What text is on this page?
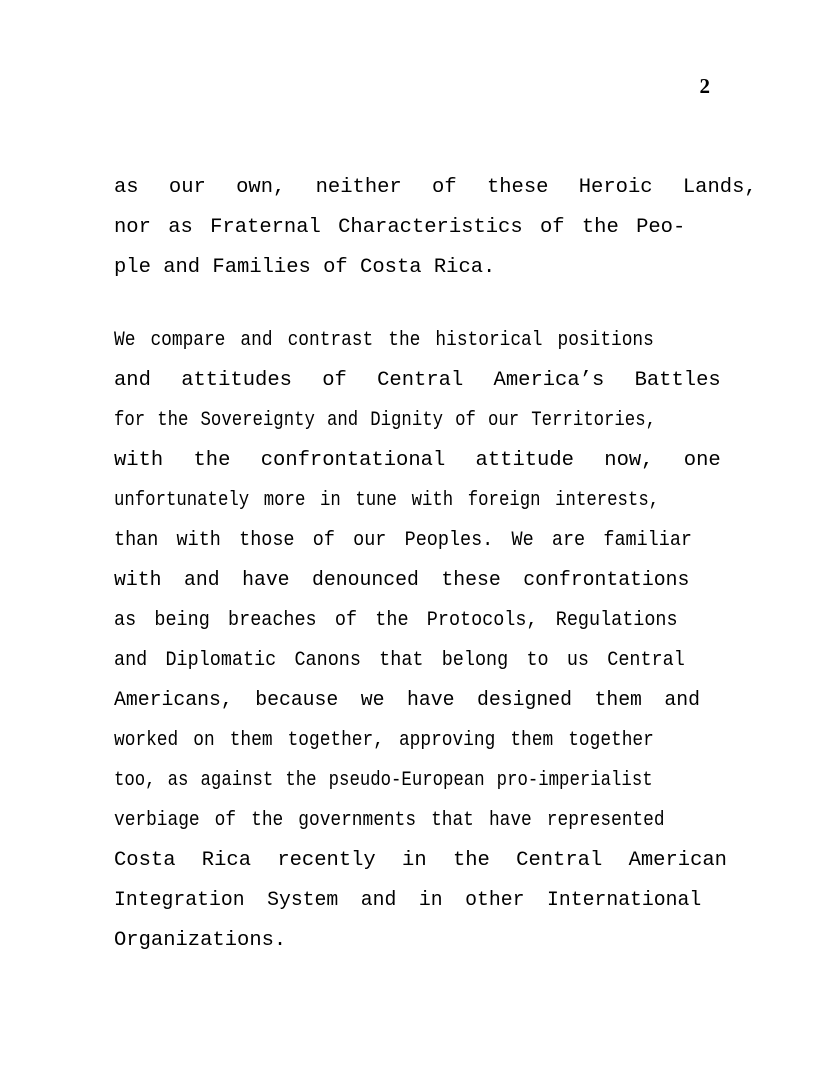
2
as our own, neither of these Heroic Lands,
nor as Fraternal Characteristics of the Peo-
ple and Families of Costa Rica.
We compare and contrast the historical positions
and attitudes of Central America’s Battles
for the Sovereignty and Dignity of our Territories,
with the confrontational attitude now, one
unfortunately more in tune with foreign interests,
than with those of our Peoples. We are familiar
with and have denounced these confrontations
as being breaches of the Protocols, Regulations
and Diplomatic Canons that belong to us Central
Americans, because we have designed them and
worked on them together, approving them together
too, as against the pseudo-European pro-imperialist
verbiage of the governments that have represented
Costa Rica recently in the Central American
Integration System and in other International
Organizations.
